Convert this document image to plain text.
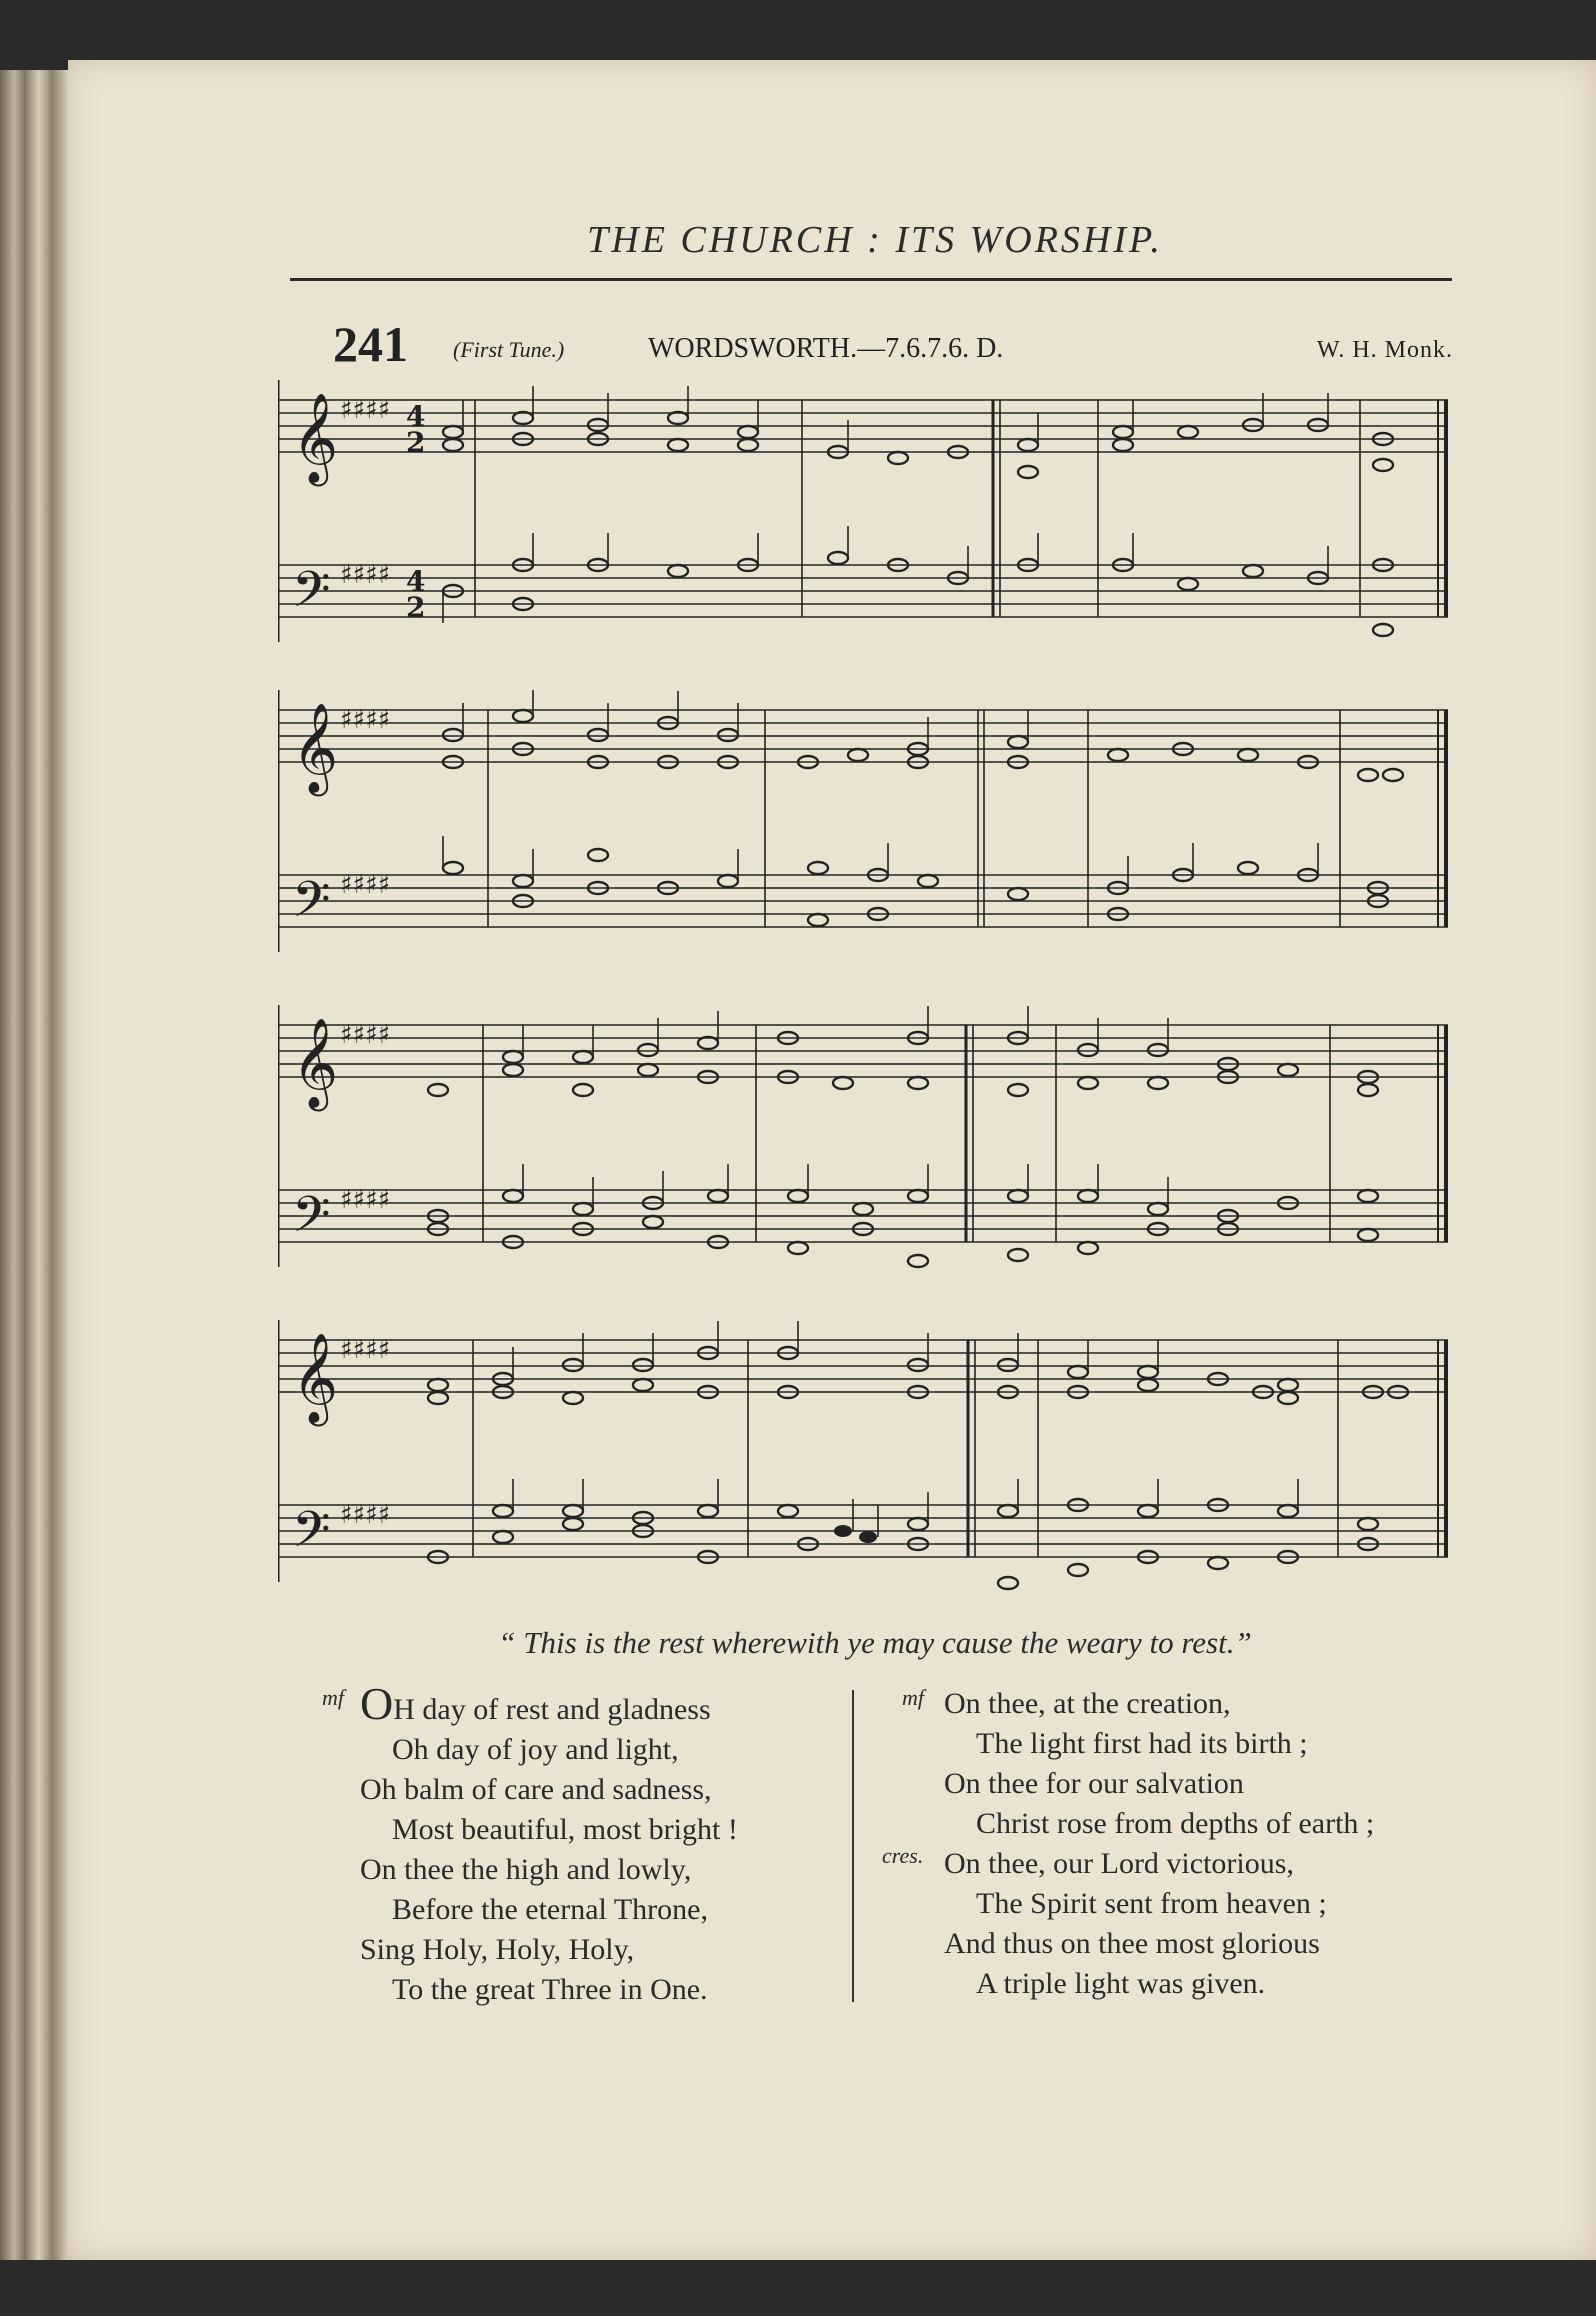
THE CHURCH : ITS WORSHIP.
241 (First Tune.)	WORDSWORTH.—7.6.7.6. D.	W. H. Monk.
𝄞
𝄢
♯♯♯♯
♯♯♯♯
4
2
4
2
𝄞
𝄢
♯♯♯♯
♯♯♯♯
𝄞
𝄢
♯♯♯♯
♯♯♯♯
𝄞
𝄢
♯♯♯♯
♯♯♯♯
“ This is the rest wherewith ye may cause the weary to rest.”
mf OH day of rest and gladness
Oh day of joy and light,
Oh balm of care and sadness,
Most beautiful, most bright !
On thee the high and lowly,
Before the eternal Throne,
Sing Holy, Holy, Holy,
To the great Three in One.
mf
cres.
On thee, at the creation,
The light first had its birth ;
On thee for our salvation
Christ rose from depths of earth ;
On thee, our Lord victorious,
The Spirit sent from heaven ;
And thus on thee most glorious
A triple light was given.
